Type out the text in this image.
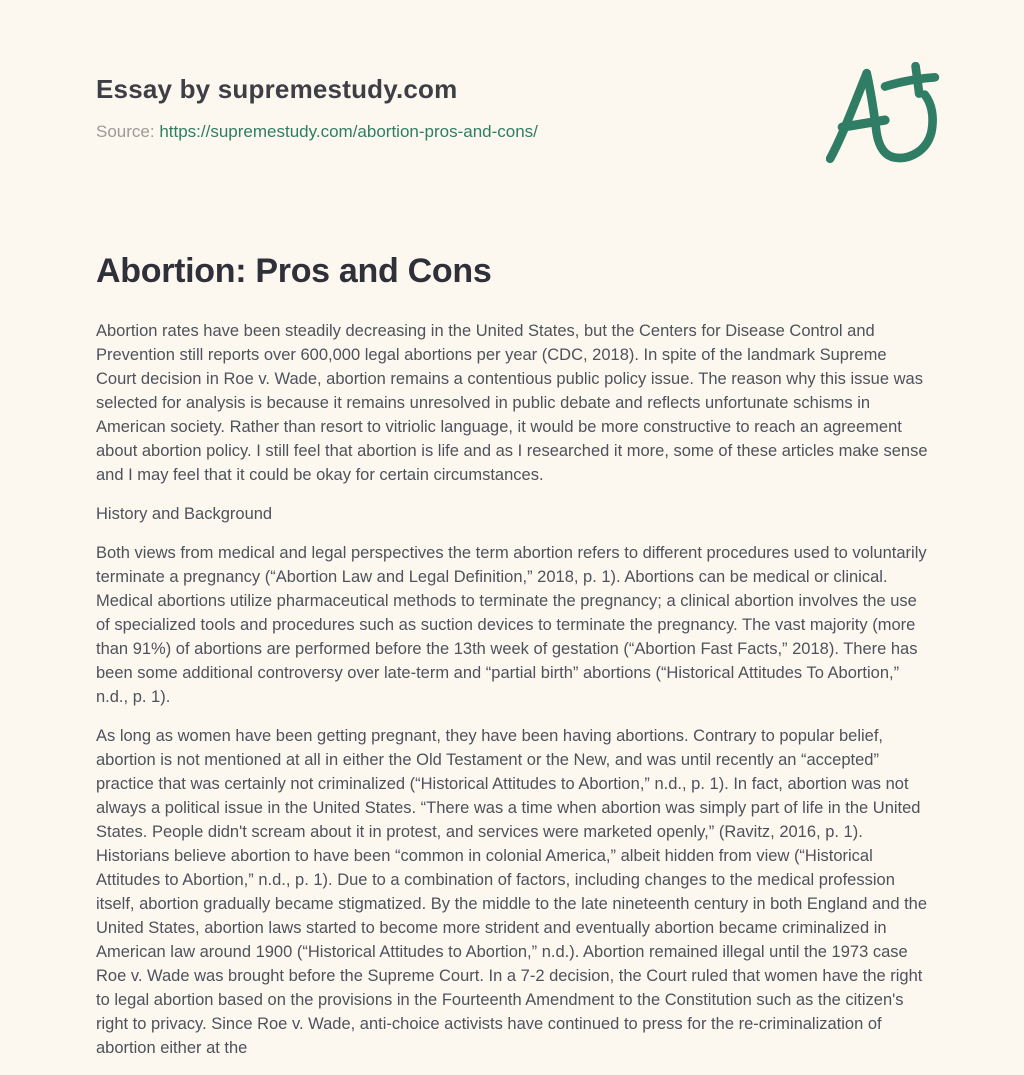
Essay by supremestudy.com
Source: https://supremestudy.com/abortion-pros-and-cons/
Abortion: Pros and Cons

Abortion rates have been steadily decreasing in the United States, but the Centers for Disease Control and Prevention still reports over 600,000 legal abortions per year (CDC, 2018). In spite of the landmark Supreme Court decision in Roe v. Wade, abortion remains a contentious public policy issue. The reason why this issue was selected for analysis is because it remains unresolved in public debate and reflects unfortunate schisms in American society. Rather than resort to vitriolic language, it would be more constructive to reach an agreement about abortion policy. I still feel that abortion is life and as I researched it more, some of these articles make sense and I may feel that it could be okay for certain circumstances.

History and Background

Both views from medical and legal perspectives the term abortion refers to different procedures used to voluntarily terminate a pregnancy (“Abortion Law and Legal Definition,” 2018, p. 1). Abortions can be medical or clinical. Medical abortions utilize pharmaceutical methods to terminate the pregnancy; a clinical abortion involves the use of specialized tools and procedures such as suction devices to terminate the pregnancy. The vast majority (more than 91%) of abortions are performed before the 13th week of gestation (“Abortion Fast Facts,” 2018). There has been some additional controversy over late-term and “partial birth” abortions (“Historical Attitudes To Abortion,” n.d., p. 1).

As long as women have been getting pregnant, they have been having abortions. Contrary to popular belief, abortion is not mentioned at all in either the Old Testament or the New, and was until recently an “accepted” practice that was certainly not criminalized (“Historical Attitudes to Abortion,” n.d., p. 1). In fact, abortion was not always a political issue in the United States. “There was a time when abortion was simply part of life in the United States. People didn't scream about it in protest, and services were marketed openly,” (Ravitz, 2016, p. 1). Historians believe abortion to have been “common in colonial America,” albeit hidden from view (“Historical Attitudes to Abortion,” n.d., p. 1). Due to a combination of factors, including changes to the medical profession itself, abortion gradually became stigmatized. By the middle to the late nineteenth century in both England and the United States, abortion laws started to become more strident and eventually abortion became criminalized in American law around 1900 (“Historical Attitudes to Abortion,” n.d.). Abortion remained illegal until the 1973 case Roe v. Wade was brought before the Supreme Court. In a 7-2 decision, the Court ruled that women have the right to legal abortion based on the provisions in the Fourteenth Amendment to the Constitution such as the citizen's right to privacy. Since Roe v. Wade, anti-choice activists have continued to press for the re-criminalization of abortion either at the
